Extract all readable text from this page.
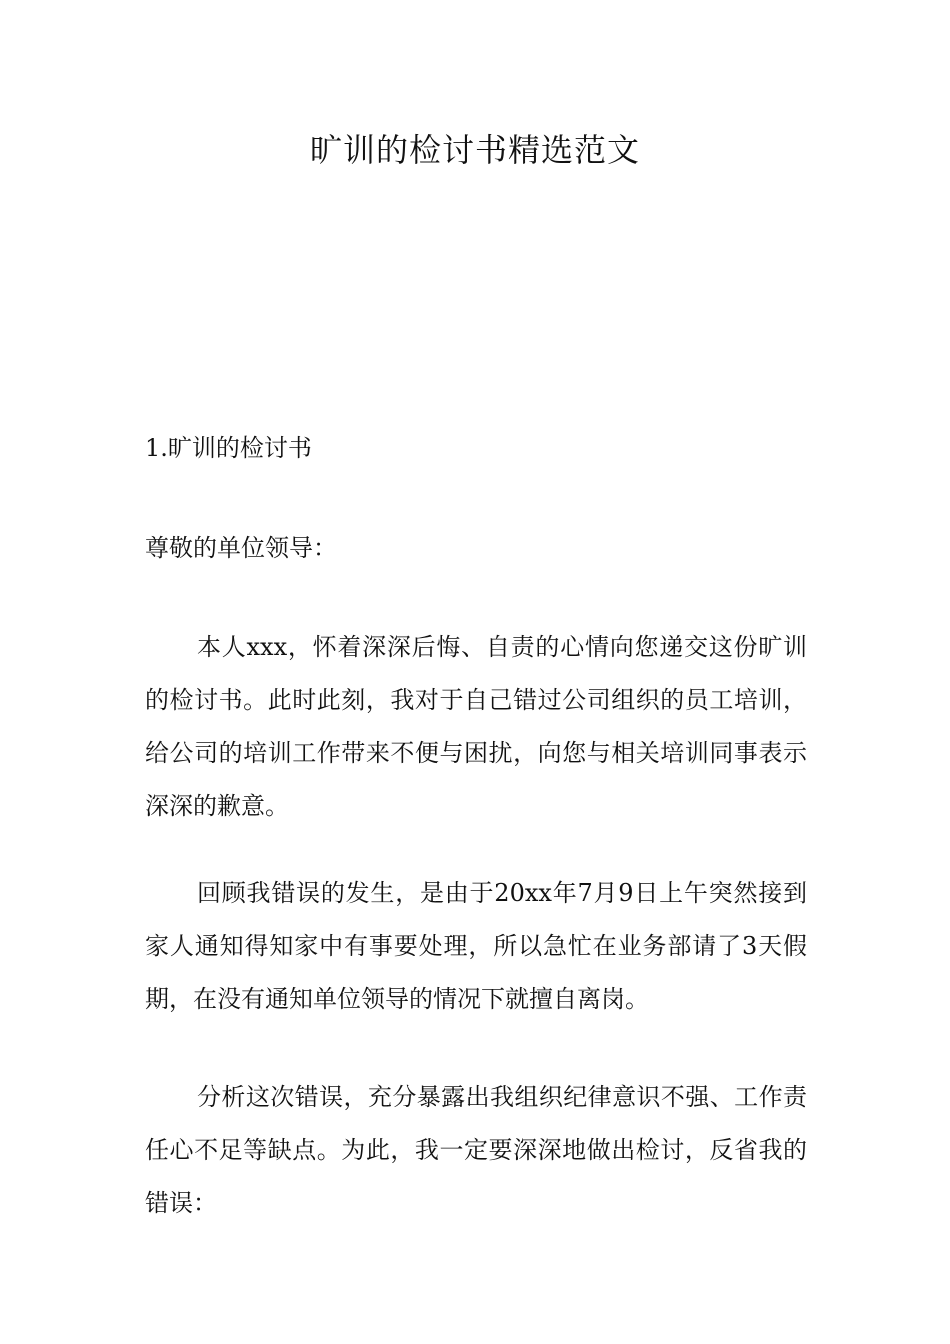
旷训的检讨书精选范文

1.旷训的检讨书

尊敬的单位领导：

本人xxx，怀着深深后悔、自责的心情向您递交这份旷训的检讨书。此时此刻，我对于自己错过公司组织的员工培训，给公司的培训工作带来不便与困扰，向您与相关培训同事表示深深的歉意。

回顾我错误的发生，是由于20xx年7月9日上午突然接到家人通知得知家中有事要处理，所以急忙在业务部请了3天假期，在没有通知单位领导的情况下就擅自离岗。

分析这次错误，充分暴露出我组织纪律意识不强、工作责任心不足等缺点。为此，我一定要深深地做出检讨，反省我的错误：
